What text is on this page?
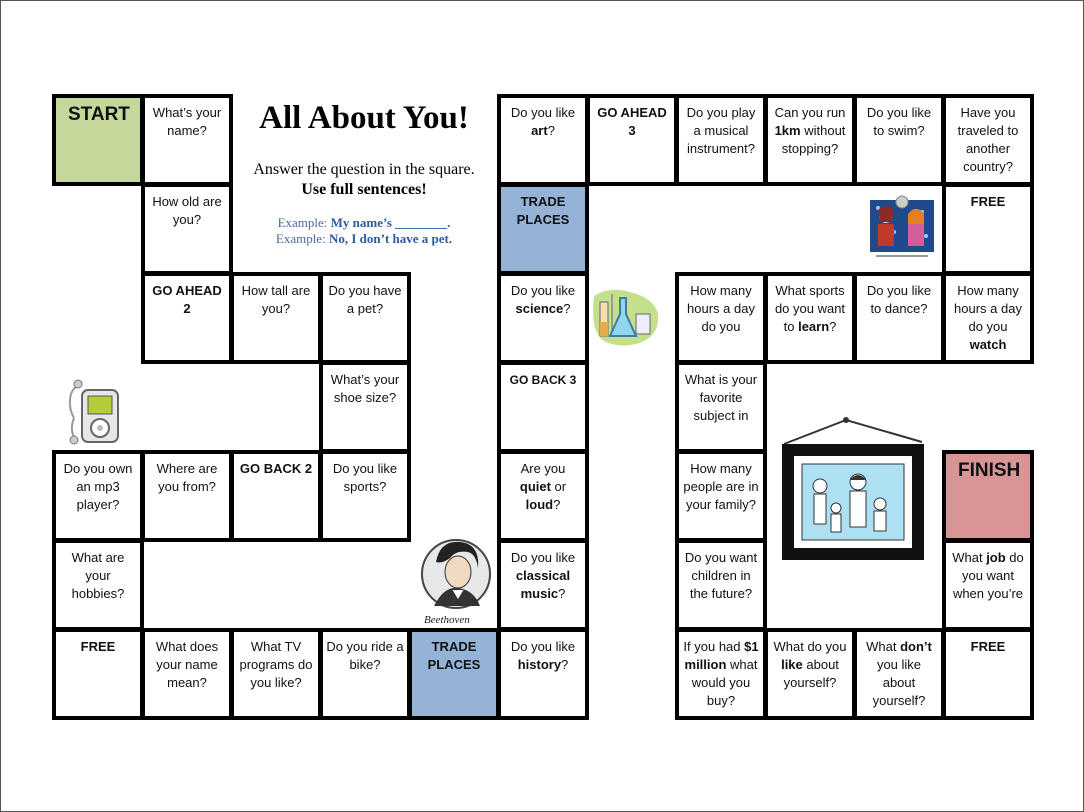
All About You!
Answer the question in the square.
Use full sentences!
Example: My name’s ________.
Example: No, I don’t have a pet.
START	What’s your name?
How old are you?
GO AHEAD 2
How tall are you?
Do you have a pet?
What’s your shoe size?
Do you like sports?
GO BACK 2
Where are you from?
Do you own an mp3 player?
What are your hobbies?
FREE	What does your name mean?
What TV programs do you like?
Do you ride a bike?
TRADE PLACES
Do you like history?
Do you like classical music?
Are you quiet or loud?
GO BACK 3
Do you like science?
TRADE PLACES
Do you like art?
GO AHEAD 3
Do you play a musical instrument?
Can you run 1km without stopping?
Do you like to swim?
Have you traveled to another country?
FREE
How many hours a day do you watch
Do you like to dance?
What sports do you want to learn?
How many hours a day do you
What is your favorite subject in
How many people are in your family?
Do you want children in the future?
If you had $1 million what would you buy?
What do you like about yourself?
What don’t you like about yourself?
FREE
What job do you want when you’re
FINISH
Beethoven
